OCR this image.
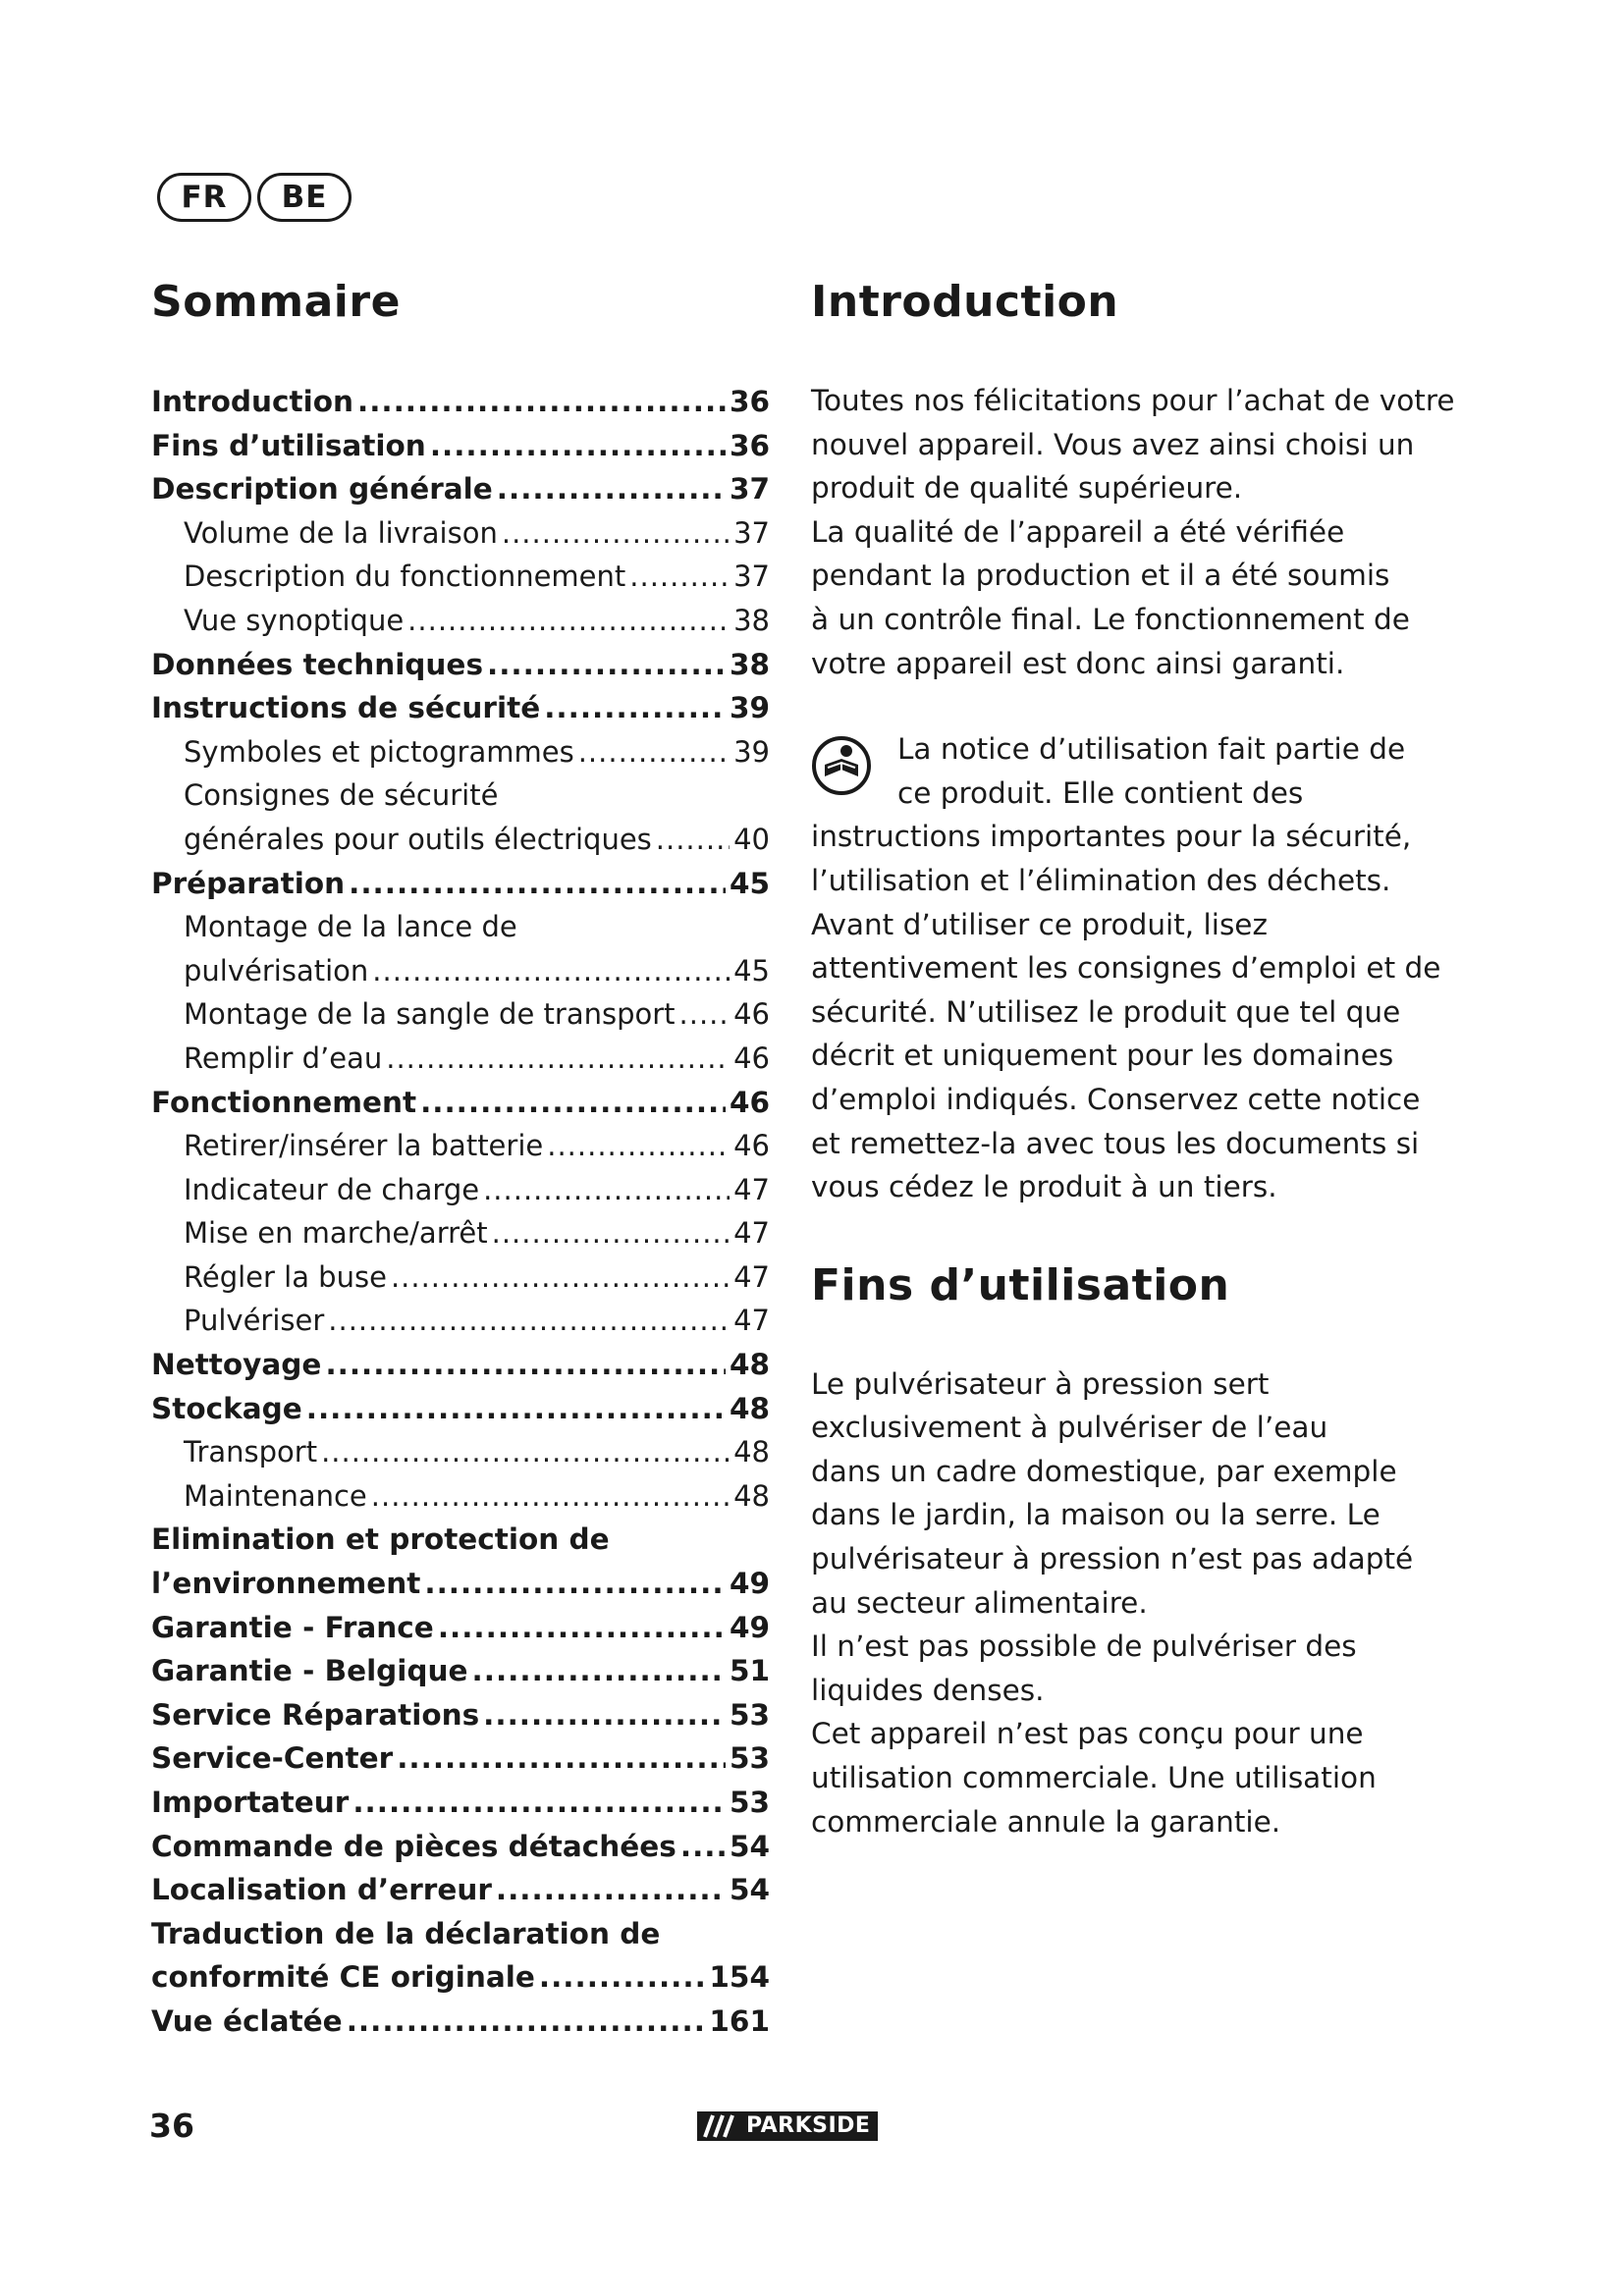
FR	BE
Sommaire
Introduction .....	36
Fins d’utilisation .....	36
Description générale .....	37
Volume de la livraison .....	37
Description du fonctionnement .....	37
Vue synoptique .....	38
Données techniques .....	38
Instructions de sécurité .....	39
Symboles et pictogrammes .....	39
Consignes de sécurité
générales pour outils électriques .....	40
Préparation .....	45
Montage de la lance de
pulvérisation .....	45
Montage de la sangle de transport ..... 46
Remplir d’eau .....	46
Fonctionnement .....	46
Retirer/insérer la batterie .....	46
Indicateur de charge .....	47
Mise en marche/arrêt .....	47
Régler la buse .....	47
Pulvériser .....	47
Nettoyage .....	48
Stockage .....	48
Transport .....	48
Maintenance .....	48
Elimination et protection de
l’environnement .....	49
Garantie - France .....	49
Garantie - Belgique .....	51
Service Réparations .....	53
Service-Center .....	53
Importateur .....	53
Commande de pièces détachées ..... 54
Localisation d’erreur .....	54
Traduction de la déclaration de
conformité CE originale .....	154
Vue éclatée .....	161
Introduction
Toutes nos félicitations pour l’achat de votre
nouvel appareil. Vous avez ainsi choisi un
produit de qualité supérieure.
La qualité de l’appareil a été vérifiée
pendant la production et il a été soumis
à un contrôle final. Le fonctionnement de
votre appareil est donc ainsi garanti.
La notice d’utilisation fait partie de
ce produit. Elle contient des
instructions importantes pour la sécurité,
l’utilisation et l’élimination des déchets.
Avant d’utiliser ce produit, lisez
attentivement les consignes d’emploi et de
sécurité. N’utilisez le produit que tel que
décrit et uniquement pour les domaines
d’emploi indiqués. Conservez cette notice
et remettez-la avec tous les documents si
vous cédez le produit à un tiers.
Fins d’utilisation
Le pulvérisateur à pression sert
exclusivement à pulvériser de l’eau
dans un cadre domestique, par exemple
dans le jardin, la maison ou la serre. Le
pulvérisateur à pression n’est pas adapté
au secteur alimentaire.
Il n’est pas possible de pulvériser des
liquides denses.
Cet appareil n’est pas conçu pour une
utilisation commerciale. Une utilisation
commerciale annule la garantie.
36	PARKSIDE
